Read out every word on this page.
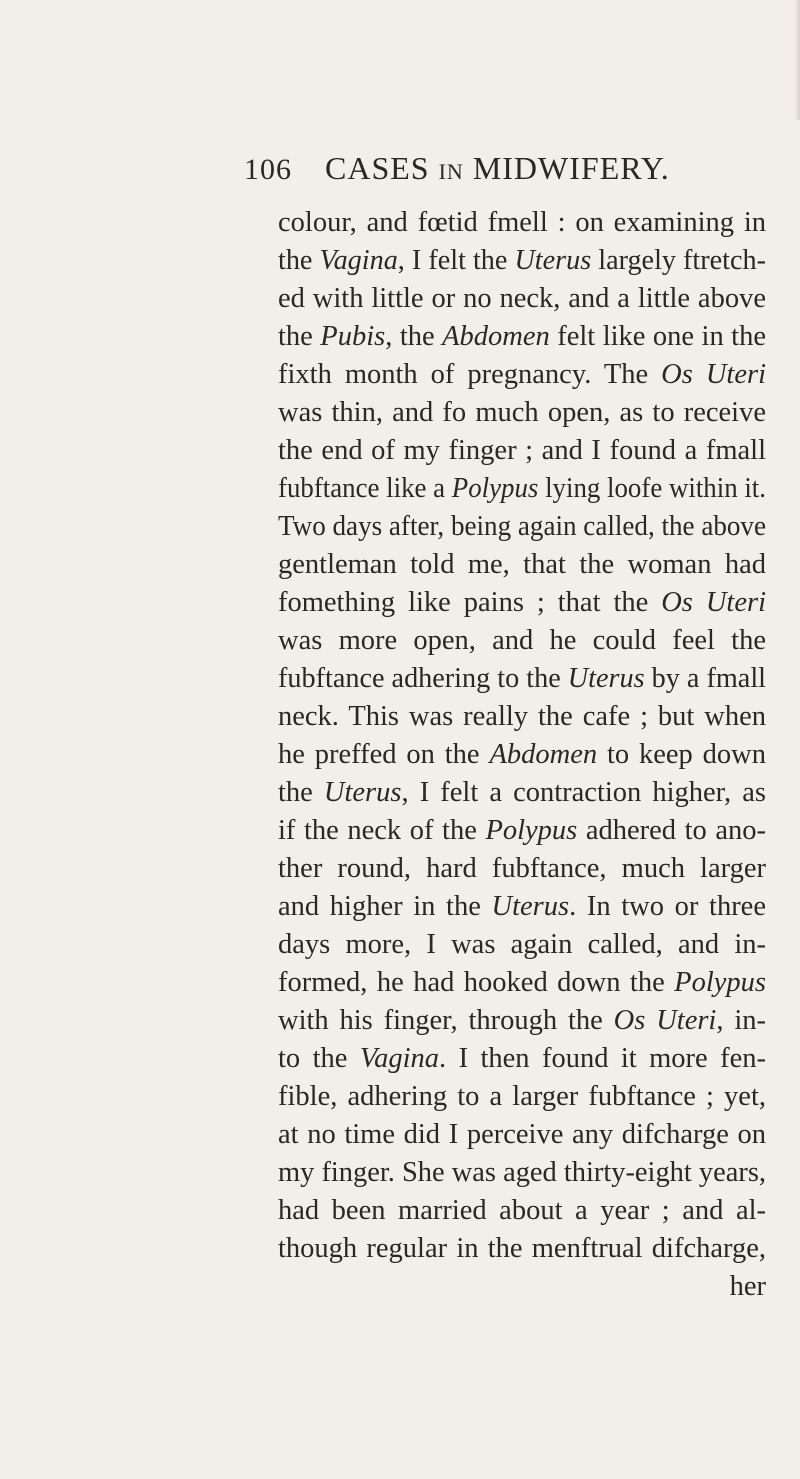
106 CASES IN MIDWIFERY.
colour, and fœtid fmell : on examining in
the Vagina, I felt the Uterus largely ftretch-
ed with little or no neck, and a little above
the Pubis, the Abdomen felt like one in the
fixth month of pregnancy. The Os Uteri
was thin, and fo much open, as to receive
the end of my finger ; and I found a fmall
fubftance like a Polypus lying loofe within it.
Two days after, being again called, the above
gentleman told me, that the woman had
fomething like pains ; that the Os Uteri
was more open, and he could feel the
fubftance adhering to the Uterus by a fmall
neck. This was really the cafe ; but when
he preffed on the Abdomen to keep down
the Uterus, I felt a contraction higher, as
if the neck of the Polypus adhered to ano-
ther round, hard fubftance, much larger
and higher in the Uterus. In two or three
days more, I was again called, and in-
formed, he had hooked down the Polypus
with his finger, through the Os Uteri, in-
to the Vagina. I then found it more fen-
fible, adhering to a larger fubftance ; yet,
at no time did I perceive any difcharge on
my finger. She was aged thirty-eight years,
had been married about a year ; and al-
though regular in the menftrual difcharge,
her
